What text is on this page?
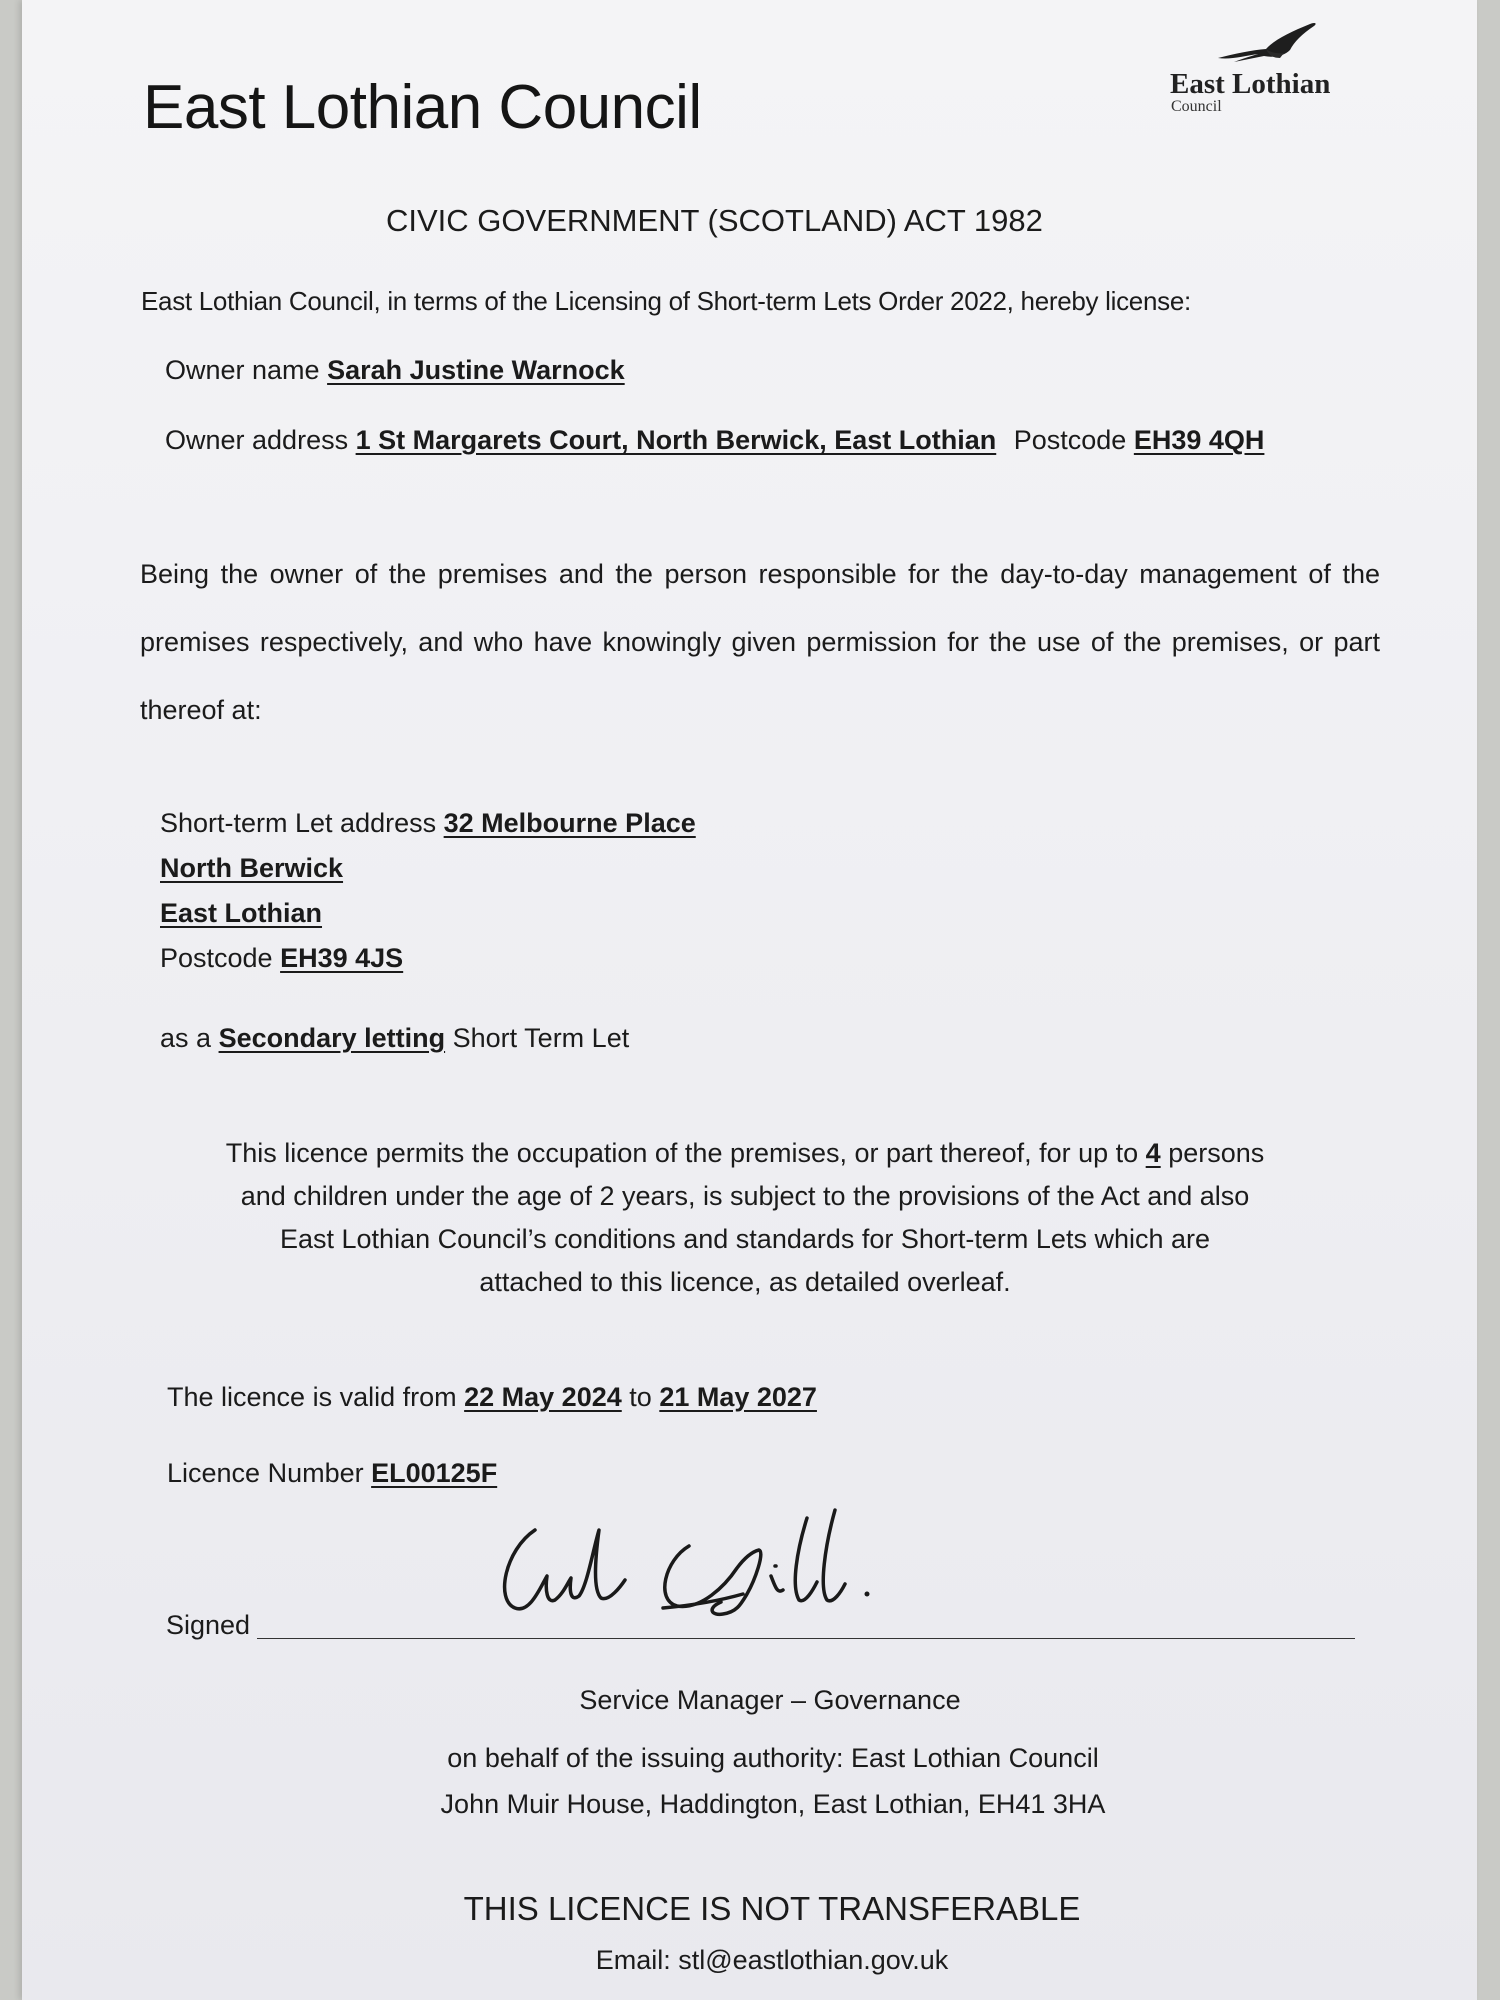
East Lothian Council	East Lothian
Council
CIVIC GOVERNMENT (SCOTLAND) ACT 1982
East Lothian Council, in terms of the Licensing of Short-term Lets Order 2022, hereby license:
Owner name Sarah Justine Warnock
Owner address 1 St Margarets Court, North Berwick, East Lothian Postcode EH39 4QH

Being the owner of the premises and the person responsible for the day-to-day management of the premises respectively, and who have knowingly given permission for the use of the premises, or part thereof at:

Short-term Let address 32 Melbourne Place
North Berwick
East Lothian
Postcode EH39 4JS
as a Secondary letting Short Term Let

This licence permits the occupation of the premises, or part thereof, for up to 4 persons

and children under the age of 2 years, is subject to the provisions of the Act and also

East Lothian Council’s conditions and standards for Short-term Lets which are

attached to this licence, as detailed overleaf.

The licence is valid from 22 May 2024 to 21 May 2027
Licence Number EL00125F
Signed
Service Manager – Governance
on behalf of the issuing authority: East Lothian Council
John Muir House, Haddington, East Lothian, EH41 3HA
THIS LICENCE IS NOT TRANSFERABLE
Email: stl@eastlothian.gov.uk
